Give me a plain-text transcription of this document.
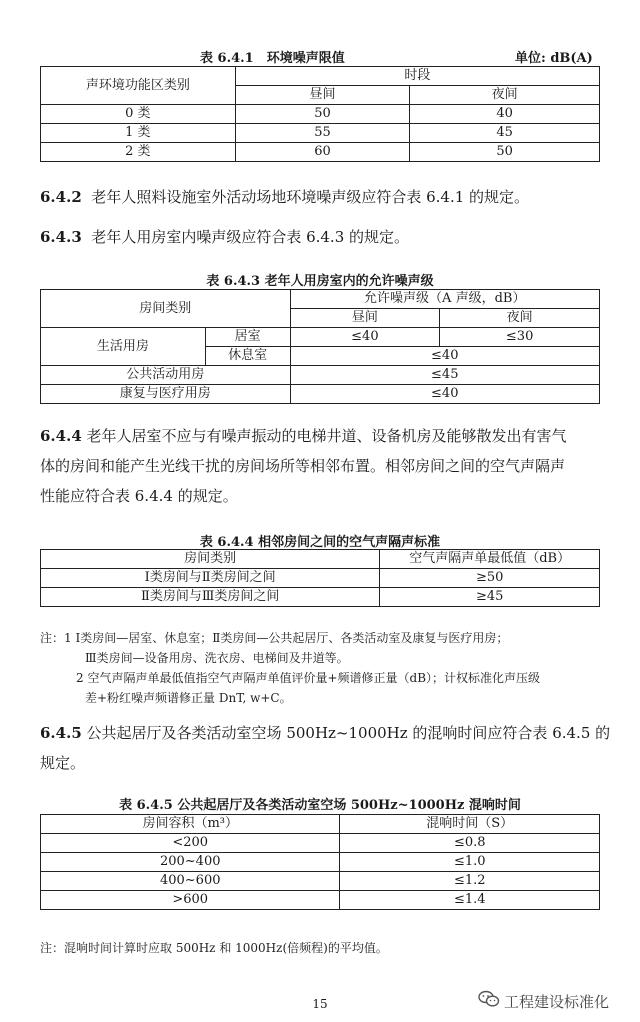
表 6.4.1　环境噪声限值	单位: dB(A)
声环境功能区类别	时段	
	昼间	夜间
0 类	50	40
1 类	55	45
2 类	60	50
6.4.2 老年人照料设施室外活动场地环境噪声级应符合表 6.4.1 的规定。
6.4.3 老年人用房室内噪声级应符合表 6.4.3 的规定。
表 6.4.3 老年人用房室内的允许噪声级
房间类别		允许噪声级（A 声级，dB）	
		昼间	夜间
生活用房	居室	≤40	≤30
	休息室	≤40	
公共活动用房		≤45	
康复与医疗用房		≤40	
6.4.4 老年人居室不应与有噪声振动的电梯井道、设备机房及能够散发出有害气
体的房间和能产生光线干扰的房间场所等相邻布置。相邻房间之间的空气声隔声
性能应符合表 6.4.4 的规定。
表 6.4.4 相邻房间之间的空气声隔声标准
房间类别	空气声隔声单最低值（dB）
Ⅰ类房间与Ⅱ类房间之间	≥50
Ⅱ类房间与Ⅲ类房间之间	≥45
注：1 Ⅰ类房间—居室、休息室；Ⅱ类房间—公共起居厅、各类活动室及康复与医疗用房；
Ⅲ类房间—设备用房、洗衣房、电梯间及井道等。
2 空气声隔声单最低值指空气声隔声单值评价量+频谱修正量（dB）；计权标准化声压级
差+粉红噪声频谱修正量 DnT, w+C。
6.4.5 公共起居厅及各类活动室空场 500Hz~1000Hz 的混响时间应符合表 6.4.5 的
规定。
表 6.4.5 公共起居厅及各类活动室空场 500Hz~1000Hz 混响时间
房间容积（m³）	混响时间（S）
<200	≤0.8
200~400	≤1.0
400~600	≤1.2
>600	≤1.4
注：混响时间计算时应取 500Hz 和 1000Hz(倍频程)的平均值。
15	工程建设标准化
